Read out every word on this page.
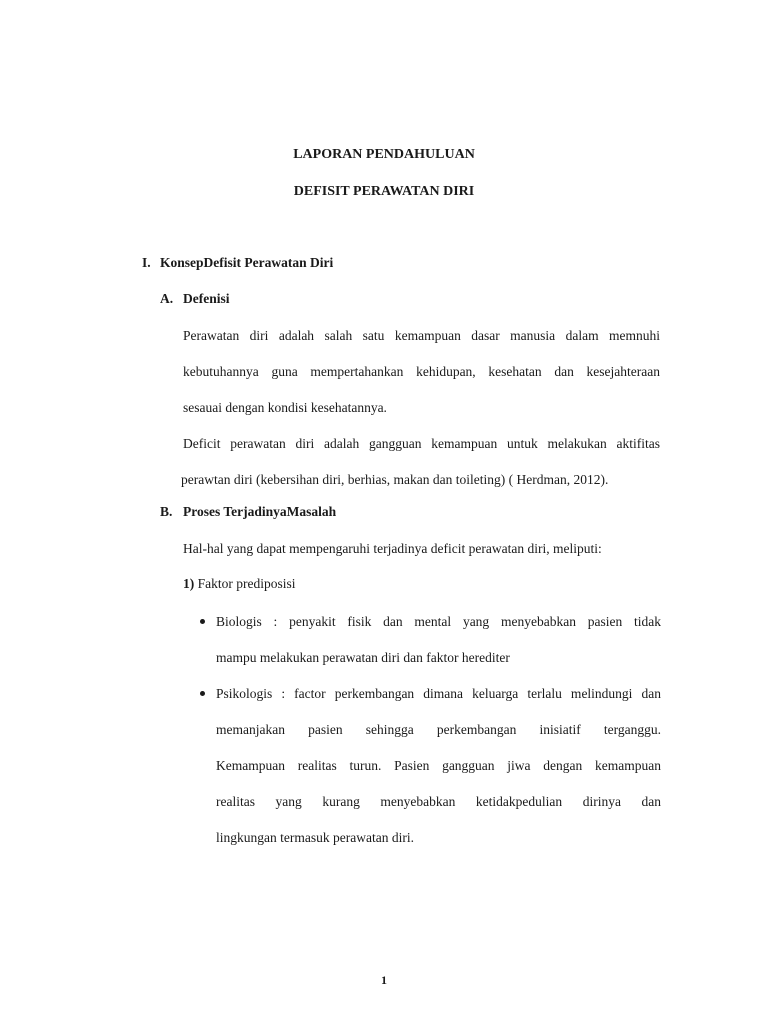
LAPORAN PENDAHULUAN
DEFISIT PERAWATAN DIRI
I. KonsepDefisit Perawatan Diri
A. Defenisi
Perawatan diri adalah salah satu kemampuan dasar manusia dalam memnuhi
kebutuhannya guna mempertahankan kehidupan, kesehatan dan kesejahteraan
sesauai dengan kondisi kesehatannya.
Deficit perawatan diri adalah gangguan kemampuan untuk melakukan aktifitas
perawtan diri (kebersihan diri, berhias, makan dan toileting) ( Herdman, 2012).
B. Proses TerjadinyaMasalah
Hal-hal yang dapat mempengaruhi terjadinya deficit perawatan diri, meliputi:
1) Faktor prediposisi
Biologis : penyakit fisik dan mental yang menyebabkan pasien tidak
mampu melakukan perawatan diri dan faktor herediter
Psikologis : factor perkembangan dimana keluarga terlalu melindungi dan
memanjakan pasien sehingga perkembangan inisiatif terganggu.
Kemampuan realitas turun. Pasien gangguan jiwa dengan kemampuan
realitas yang kurang menyebabkan ketidakpedulian dirinya dan
lingkungan termasuk perawatan diri.
1
